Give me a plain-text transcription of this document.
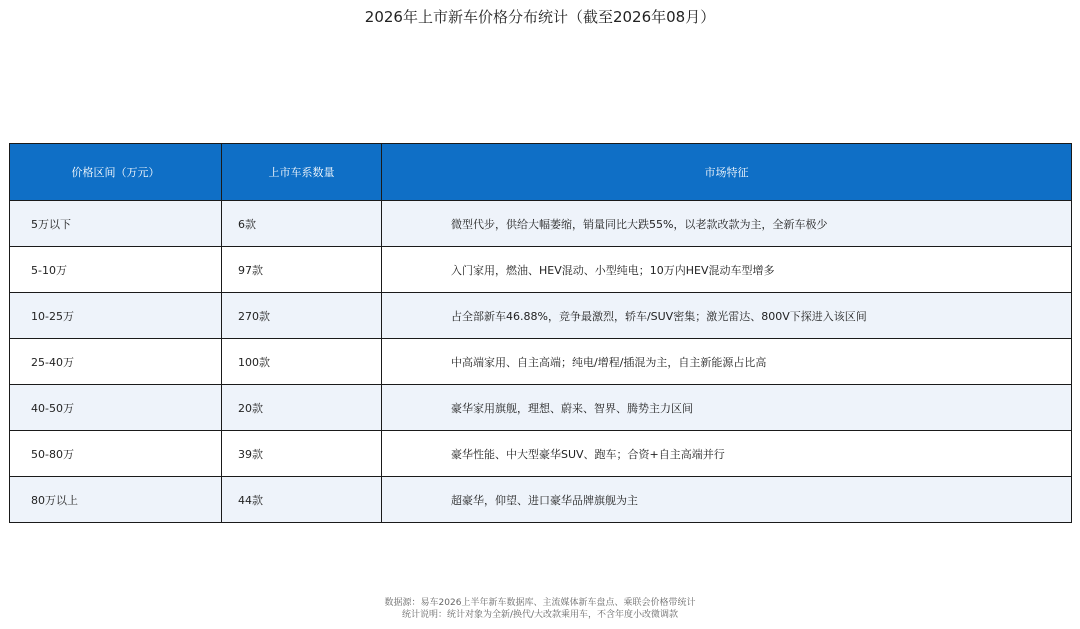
2026年上市新车价格分布统计（截至2026年08月）
价格区间（万元）	上市车系数量	市场特征
5万以下	6款	微型代步，供给大幅萎缩，销量同比大跌55%，以老款改款为主，全新车极少
5-10万	97款	入门家用，燃油、HEV混动、小型纯电；10万内HEV混动车型增多
10-25万	270款	占全部新车46.88%，竞争最激烈，轿车/SUV密集；激光雷达、800V下探进入该区间
25-40万	100款	中高端家用、自主高端；纯电/增程/插混为主，自主新能源占比高
40-50万	20款	豪华家用旗舰，理想、蔚来、智界、腾势主力区间
50-80万	39款	豪华性能、中大型豪华SUV、跑车；合资+自主高端并行
80万以上	44款	超豪华，仰望、进口豪华品牌旗舰为主
数据源：易车2026上半年新车数据库、主流媒体新车盘点、乘联会价格带统计
统计说明：统计对象为全新/换代/大改款乘用车，不含年度小改微调款
